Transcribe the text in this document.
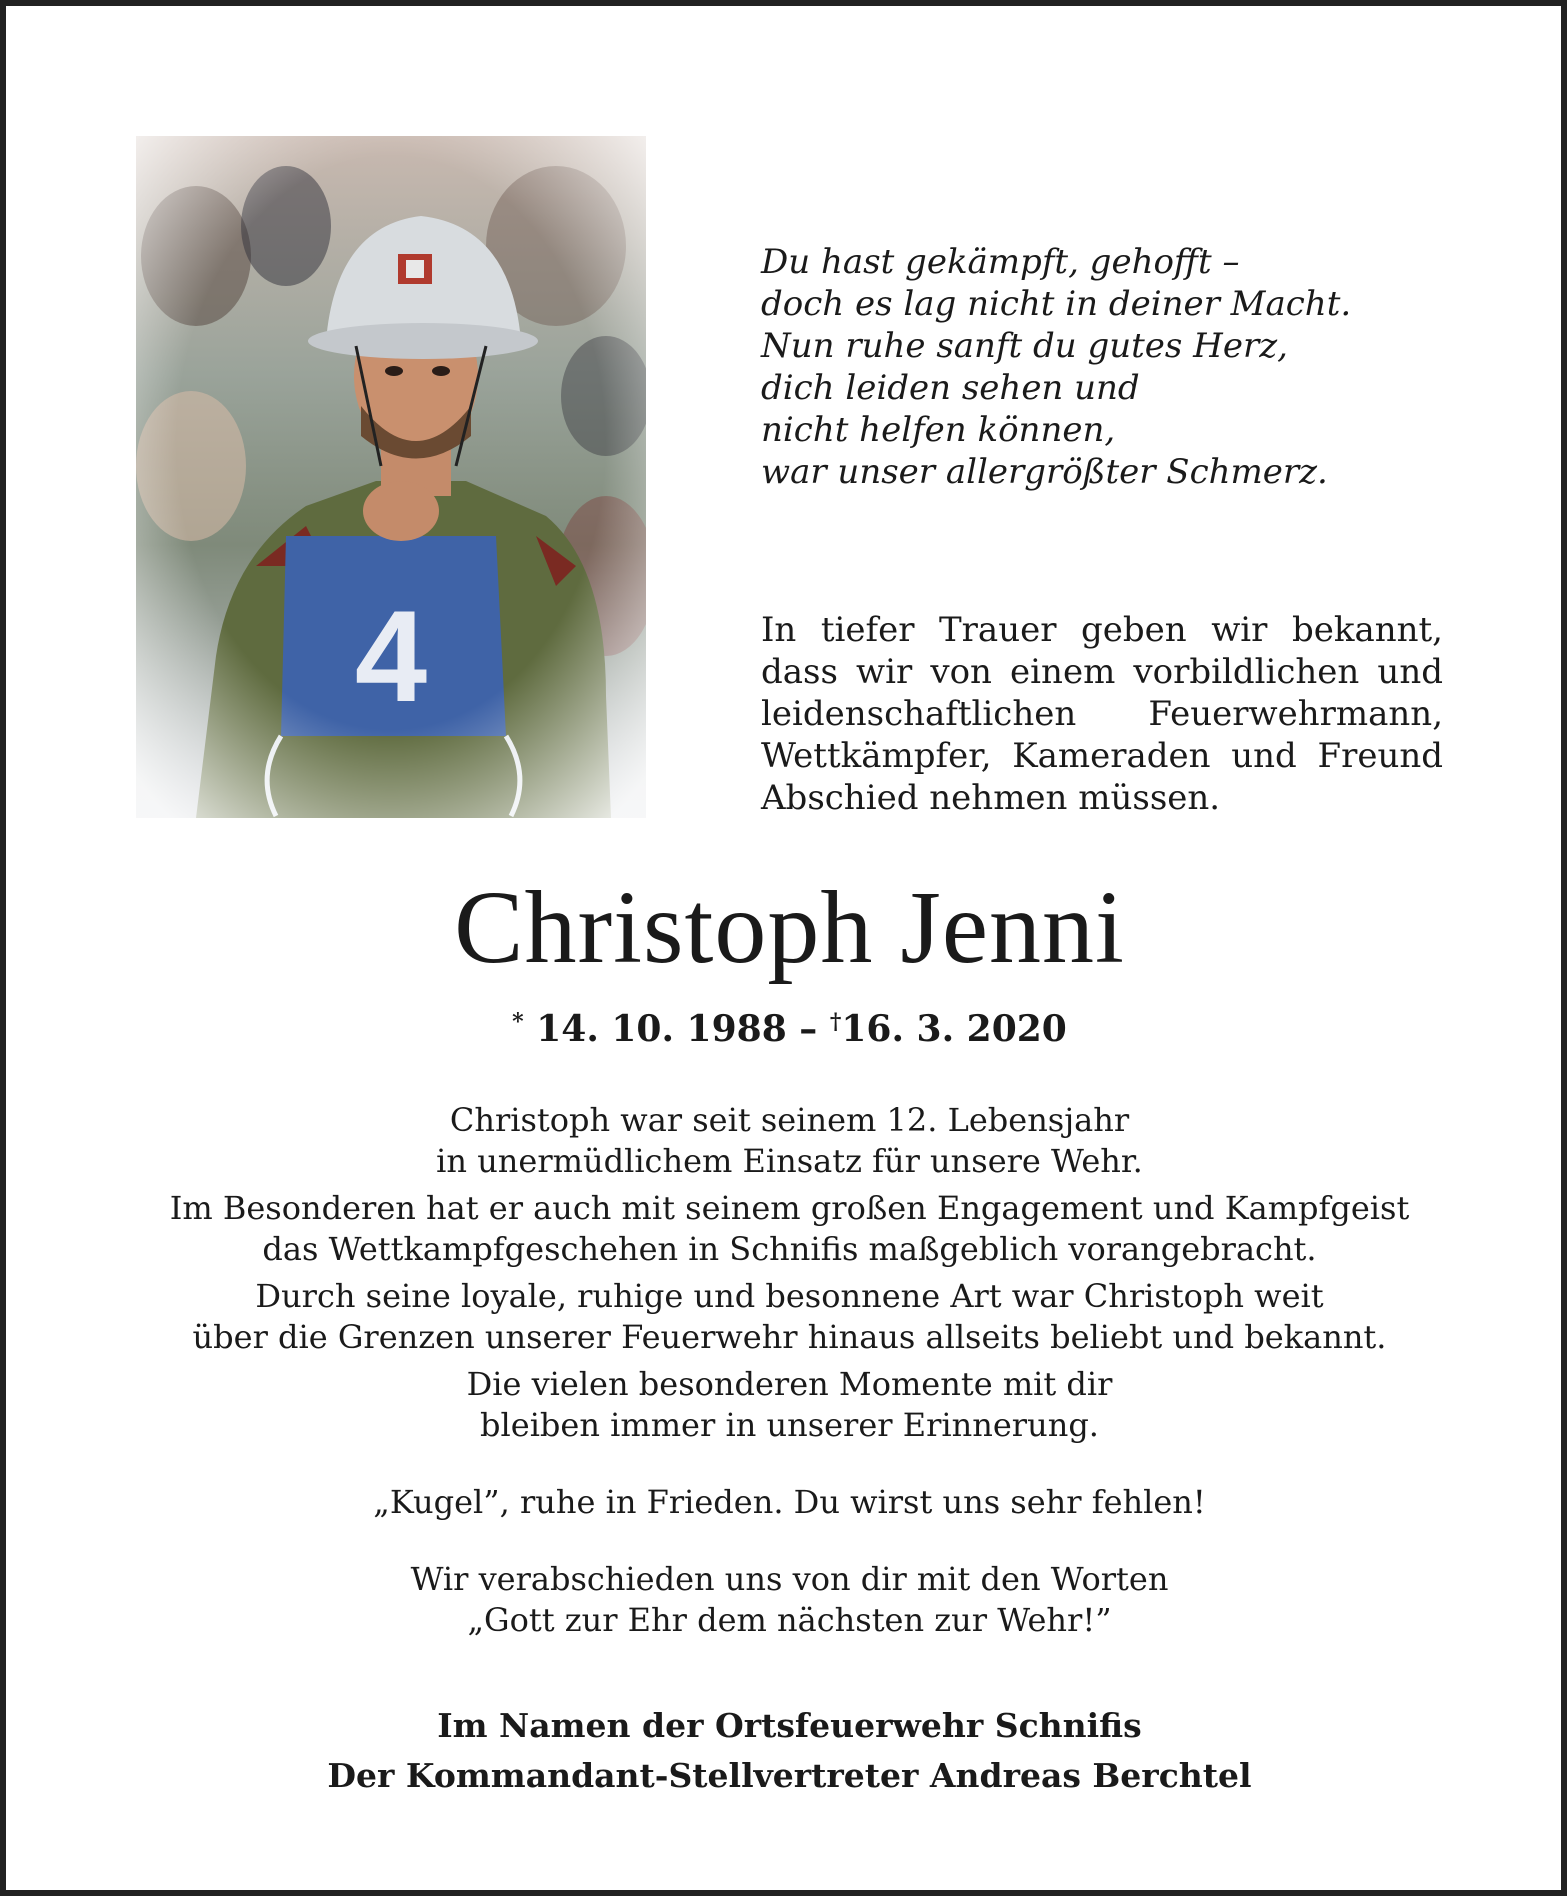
Du hast gekämpft, gehofft –
doch es lag nicht in deiner Macht.
Nun ruhe sanft du gutes Herz,
dich leiden sehen und
nicht helfen können,
war unser allergrößter Schmerz.
In tiefer Trauer geben wir bekannt,
dass wir von einem vorbildlichen und
leidenschaftlichen Feuerwehrmann,
Wettkämpfer, Kameraden und Freund
Abschied nehmen müssen.
Christoph Jenni
* 14. 10. 1988 – †16. 3. 2020

Christoph war seit seinem 12. Lebensjahr
in unermüdlichem Einsatz für unsere Wehr.

Im Besonderen hat er auch mit seinem großen Engagement und Kampfgeist
das Wettkampfgeschehen in Schnifis maßgeblich vorangebracht.

Durch seine loyale, ruhige und besonnene Art war Christoph weit
über die Grenzen unserer Feuerwehr hinaus allseits beliebt und bekannt.

Die vielen besonderen Momente mit dir
bleiben immer in unserer Erinnerung.

„Kugel”, ruhe in Frieden. Du wirst uns sehr fehlen!

Wir verabschieden uns von dir mit den Worten
„Gott zur Ehr dem nächsten zur Wehr!”

Im Namen der Ortsfeuerwehr Schnifis
Der Kommandant-Stellvertreter Andreas Berchtel
